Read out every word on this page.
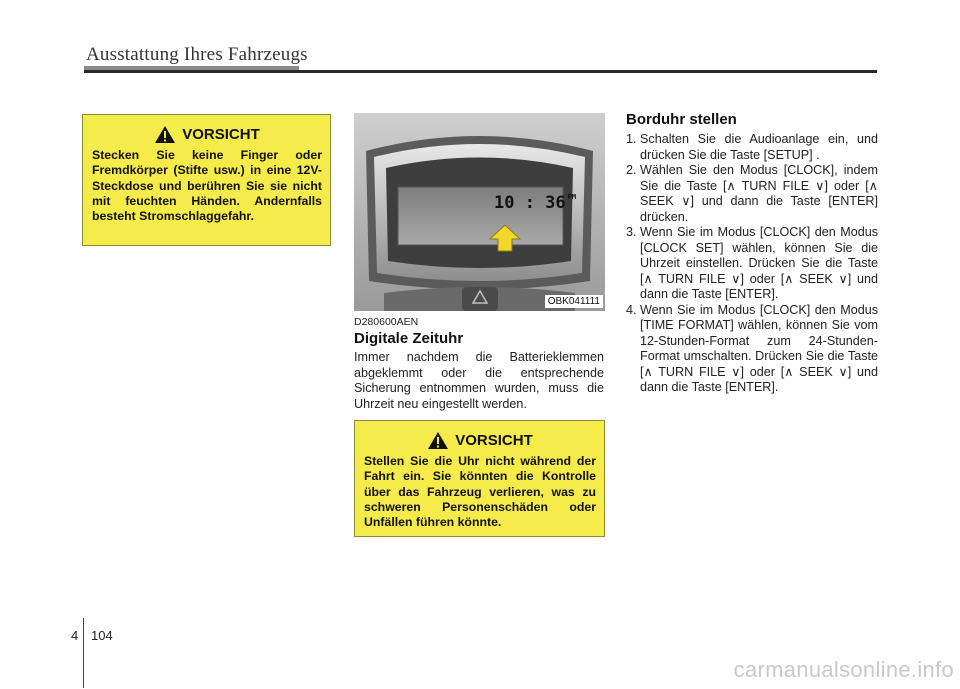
Ausstattung Ihres Fahrzeugs
VORSICHT
Stecken Sie keine Finger oder Fremdkörper (Stifte usw.) in eine 12V-Steckdose und berühren Sie sie nicht mit feuchten Händen. Andernfalls besteht Stromschlaggefahr.
10 : 36 $^{PM}$
OBK041111
D280600AEN
Digitale Zeituhr
Immer nachdem die Batterieklemmen abgeklemmt oder die entsprechende Sicherung entnommen wurden, muss die Uhrzeit neu eingestellt werden.
VORSICHT
Stellen Sie die Uhr nicht während der Fahrt ein. Sie könnten die Kontrolle über das Fahrzeug verlieren, was zu schweren Personenschäden oder Unfällen führen könnte.
Borduhr stellen
1. Schalten Sie die Audioanlage ein, und drücken Sie die Taste [SETUP] .
2. Wählen Sie den Modus [CLOCK], indem Sie die Taste [∧ TURN FILE ∨] oder [∧ SEEK ∨] und dann die Taste [ENTER] drücken.
3. Wenn Sie im Modus [CLOCK] den Modus [CLOCK SET] wählen, können Sie die Uhrzeit einstellen. Drücken Sie die Taste [∧ TURN FILE ∨] oder [∧ SEEK ∨] und dann die Taste [ENTER].
4. Wenn Sie im Modus [CLOCK] den Modus [TIME FORMAT] wählen, können Sie vom 12-Stunden-Format zum 24-Stunden-Format umschalten. Drücken Sie die Taste [∧ TURN FILE ∨] oder [∧ SEEK ∨] und dann die Taste [ENTER].
4 104
carmanualsonline.info
